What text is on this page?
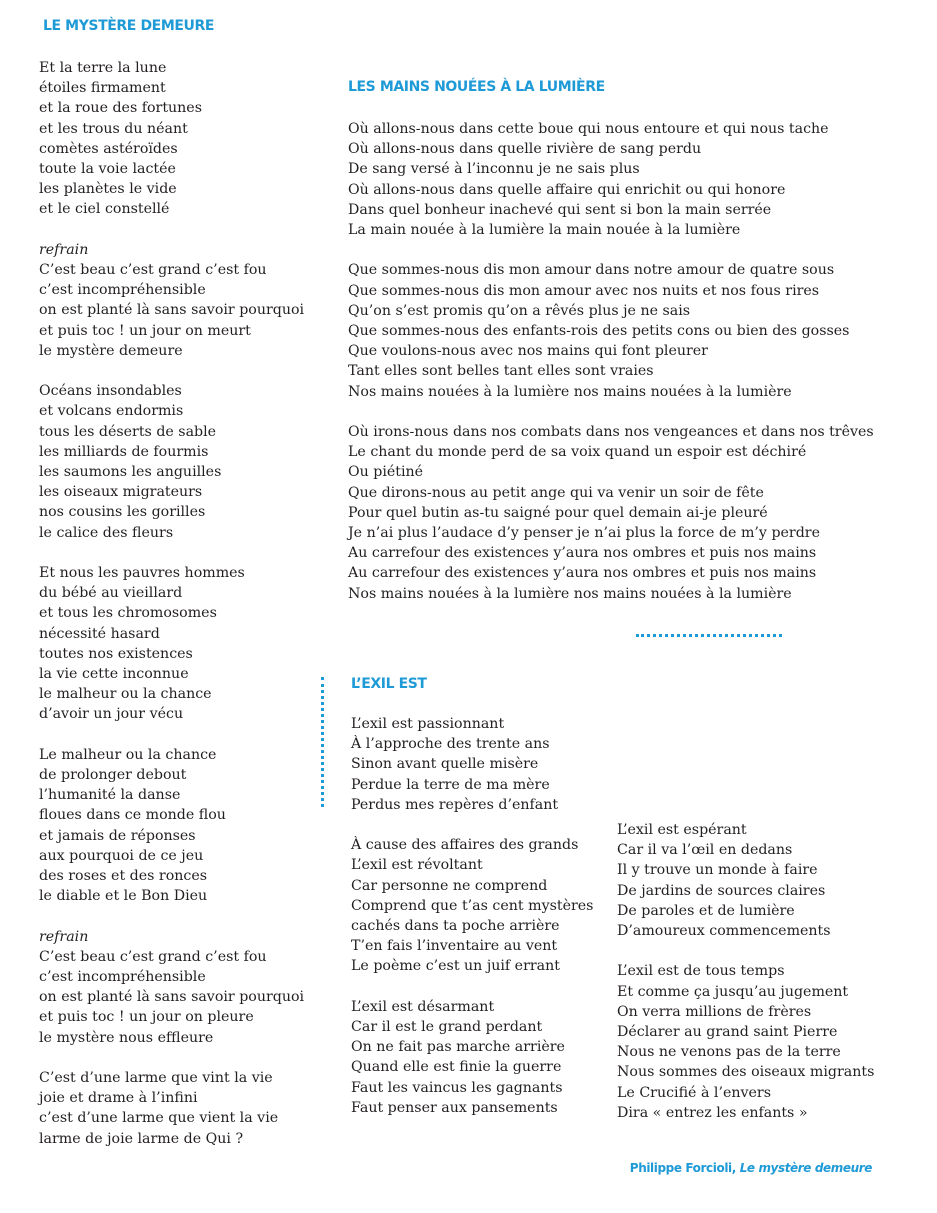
LE MYSTÈRE DEMEURE
Et la terre la lune
étoiles firmament
et la roue des fortunes
et les trous du néant
comètes astéroïdes
toute la voie lactée
les planètes le vide
et le ciel constellé
refrain
C’est beau c’est grand c’est fou
c’est incompréhensible
on est planté là sans savoir pourquoi
et puis toc ! un jour on meurt
le mystère demeure
Océans insondables
et volcans endormis
tous les déserts de sable
les milliards de fourmis
les saumons les anguilles
les oiseaux migrateurs
nos cousins les gorilles
le calice des fleurs
Et nous les pauvres hommes
du bébé au vieillard
et tous les chromosomes
nécessité hasard
toutes nos existences
la vie cette inconnue
le malheur ou la chance
d’avoir un jour vécu
Le malheur ou la chance
de prolonger debout
l’humanité la danse
floues dans ce monde flou
et jamais de réponses
aux pourquoi de ce jeu
des roses et des ronces
le diable et le Bon Dieu
refrain
C’est beau c’est grand c’est fou
c’est incompréhensible
on est planté là sans savoir pourquoi
et puis toc ! un jour on pleure
le mystère nous effleure
C’est d’une larme que vint la vie
joie et drame à l’infini
c’est d’une larme que vient la vie
larme de joie larme de Qui ?
LES MAINS NOUÉES À LA LUMIÈRE
Où allons-nous dans cette boue qui nous entoure et qui nous tache
Où allons-nous dans quelle rivière de sang perdu
De sang versé à l’inconnu je ne sais plus
Où allons-nous dans quelle affaire qui enrichit ou qui honore
Dans quel bonheur inachevé qui sent si bon la main serrée
La main nouée à la lumière la main nouée à la lumière
Que sommes-nous dis mon amour dans notre amour de quatre sous
Que sommes-nous dis mon amour avec nos nuits et nos fous rires
Qu’on s’est promis qu’on a rêvés plus je ne sais
Que sommes-nous des enfants-rois des petits cons ou bien des gosses
Que voulons-nous avec nos mains qui font pleurer
Tant elles sont belles tant elles sont vraies
Nos mains nouées à la lumière nos mains nouées à la lumière
Où irons-nous dans nos combats dans nos vengeances et dans nos trêves
Le chant du monde perd de sa voix quand un espoir est déchiré
Ou piétiné
Que dirons-nous au petit ange qui va venir un soir de fête
Pour quel butin as-tu saigné pour quel demain ai-je pleuré
Je n’ai plus l’audace d’y penser je n’ai plus la force de m’y perdre
Au carrefour des existences y’aura nos ombres et puis nos mains
Au carrefour des existences y’aura nos ombres et puis nos mains
Nos mains nouées à la lumière nos mains nouées à la lumière
L’EXIL EST
L’exil est passionnant
À l’approche des trente ans
Sinon avant quelle misère
Perdue la terre de ma mère
Perdus mes repères d’enfant
À cause des affaires des grands
L’exil est révoltant
Car personne ne comprend
Comprend que t’as cent mystères
cachés dans ta poche arrière
T’en fais l’inventaire au vent
Le poème c’est un juif errant
L’exil est désarmant
Car il est le grand perdant
On ne fait pas marche arrière
Quand elle est finie la guerre
Faut les vaincus les gagnants
Faut penser aux pansements
L’exil est espérant
Car il va l’œil en dedans
Il y trouve un monde à faire
De jardins de sources claires
De paroles et de lumière
D’amoureux commencements
L’exil est de tous temps
Et comme ça jusqu’au jugement
On verra millions de frères
Déclarer au grand saint Pierre
Nous ne venons pas de la terre
Nous sommes des oiseaux migrants
Le Crucifié à l’envers
Dira « entrez les enfants »

Philippe Forcioli, Le mystère demeure
